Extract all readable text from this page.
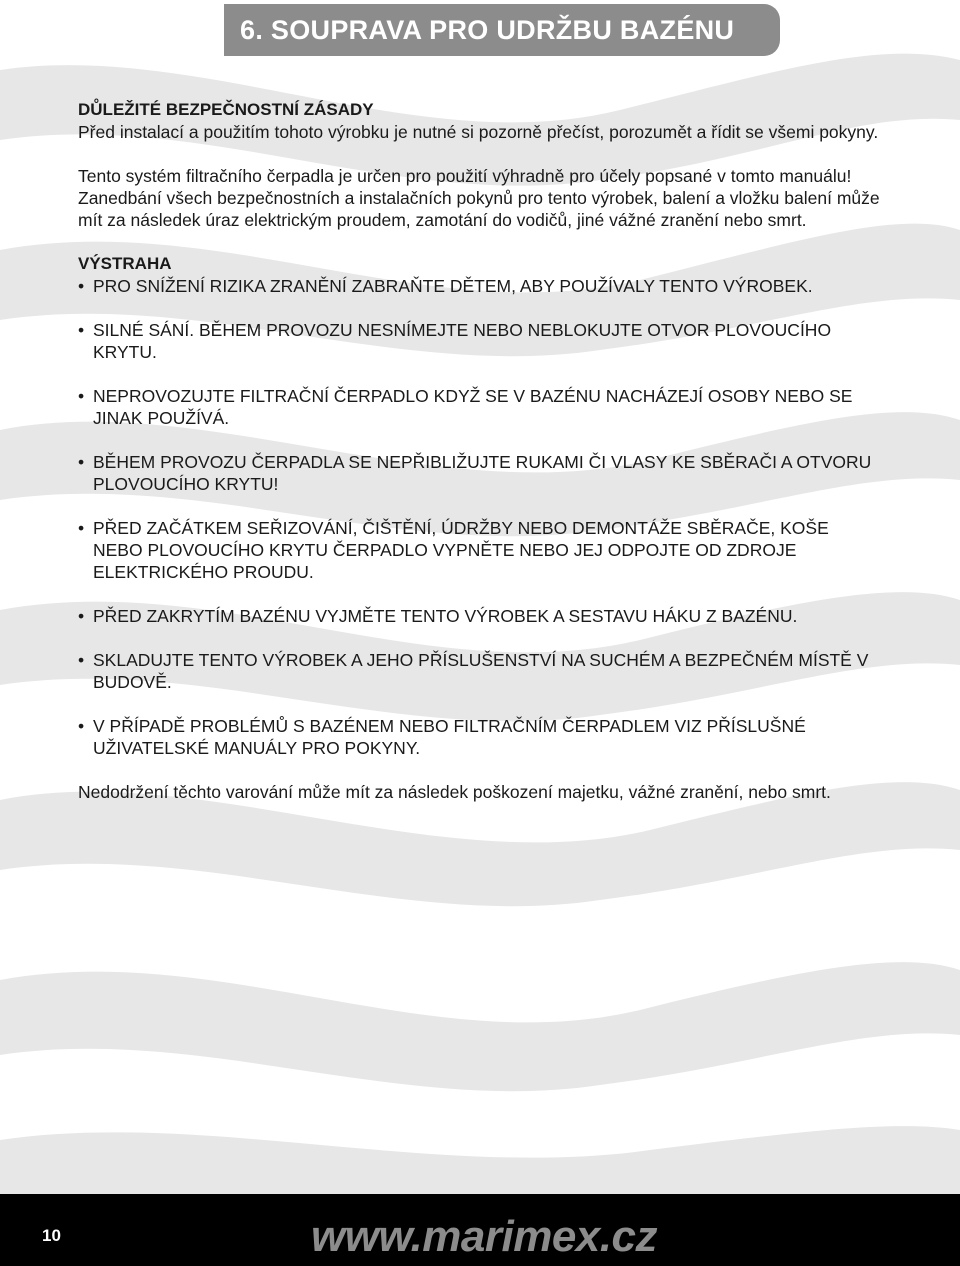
6. SOUPRAVA PRO UDRŽBU BAZÉNU
DŮLEŽITÉ BEZPEČNOSTNÍ ZÁSADY

Před instalací a použitím tohoto výrobku je nutné si pozorně přečíst, porozumět a řídit se všemi pokyny.

Tento systém filtračního čerpadla je určen pro použití výhradně pro účely popsané v tomto manuálu! Zanedbání všech bezpečnostních a instalačních pokynů pro tento výrobek, balení a vložku balení může mít za následek úraz elektrickým proudem, zamotání do vodičů, jiné vážné zranění nebo smrt.

VÝSTRAHA
• PRO SNÍŽENÍ RIZIKA ZRANĚNÍ ZABRAŇTE DĚTEM, ABY POUŽÍVALY TENTO VÝROBEK.
• SILNÉ SÁNÍ. BĚHEM PROVOZU NESNÍMEJTE NEBO NEBLOKUJTE OTVOR PLOVOUCÍHO KRYTU.
• NEPROVOZUJTE FILTRAČNÍ ČERPADLO KDYŽ SE V BAZÉNU NACHÁZEJÍ OSOBY NEBO SE JINAK POUŽÍVÁ.
• BĚHEM PROVOZU ČERPADLA SE NEPŘIBLIŽUJTE RUKAMI ČI VLASY KE SBĚRAČI A OTVORU PLOVOUCÍHO KRYTU!
• PŘED ZAČÁTKEM SEŘIZOVÁNÍ, ČIŠTĚNÍ, ÚDRŽBY NEBO DEMONTÁŽE SBĚRAČE, KOŠE NEBO PLOVOUCÍHO KRYTU ČERPADLO VYPNĚTE NEBO JEJ ODPOJTE OD ZDROJE ELEKTRICKÉHO PROUDU.
• PŘED ZAKRYTÍM BAZÉNU VYJMĚTE TENTO VÝROBEK A SESTAVU HÁKU Z BAZÉNU.
• SKLADUJTE TENTO VÝROBEK A JEHO PŘÍSLUŠENSTVÍ NA SUCHÉM A BEZPEČNÉM MÍSTĚ V BUDOVĚ.
• V PŘÍPADĚ PROBLÉMŮ S BAZÉNEM NEBO FILTRAČNÍM ČERPADLEM VIZ PŘÍSLUŠNÉ UŽIVATELSKÉ MANUÁLY PRO POKYNY.

Nedodržení těchto varování může mít za následek poškození majetku, vážné zranění, nebo smrt.

10	www.marimex.cz
